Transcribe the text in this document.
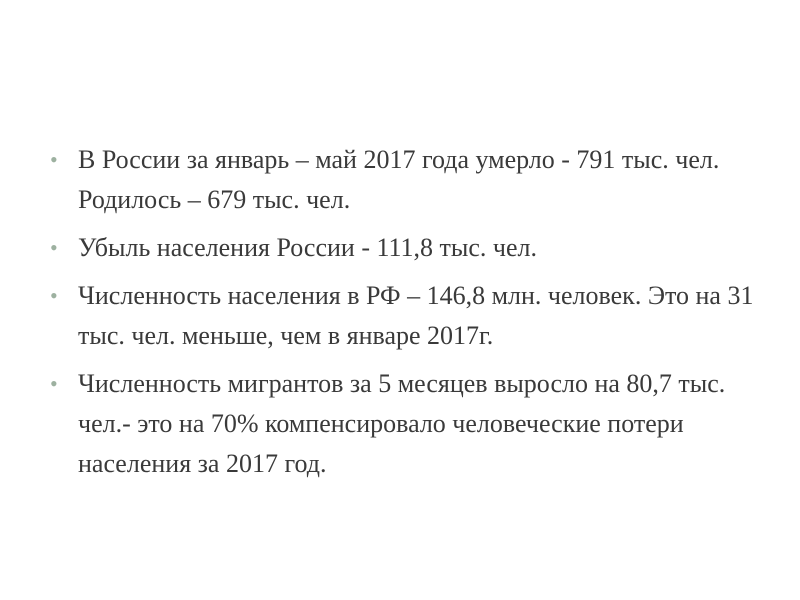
• В России за январь – май 2017 года умерло - 791 тыс. чел. Родилось – 679 тыс. чел.
• Убыль населения России - 111,8 тыс. чел.
• Численность населения в РФ – 146,8 млн. человек. Это на 31 тыс. чел. меньше, чем в январе 2017г.
• Численность мигрантов за 5 месяцев выросло на 80,7 тыс. чел.- это на 70% компенсировало человеческие потери населения за 2017 год.
